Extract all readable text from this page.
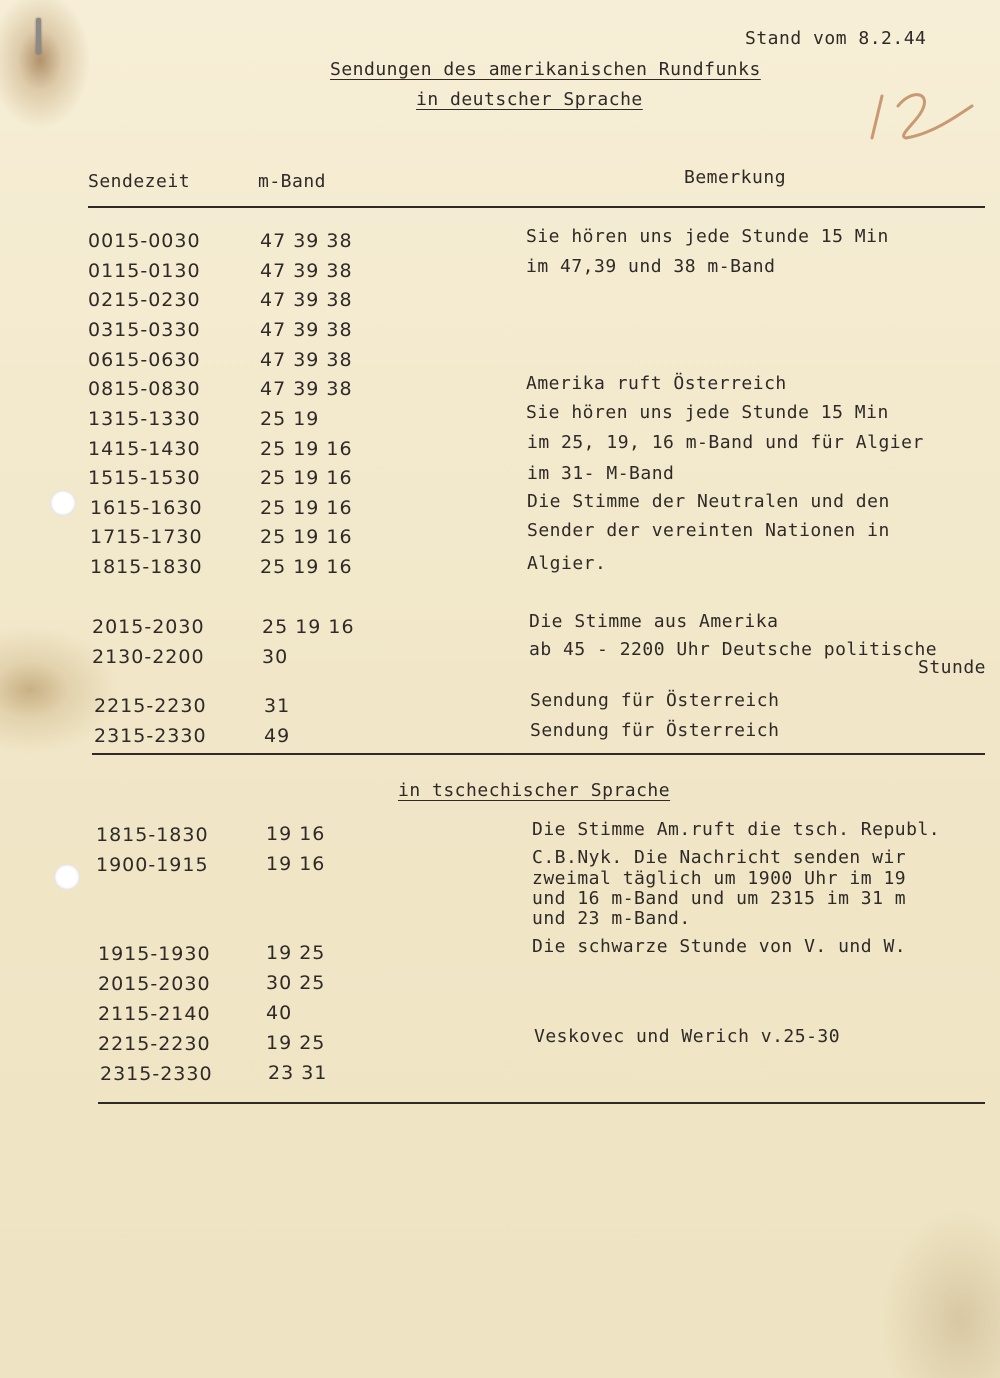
Stand vom 8.2.44
Sendungen des amerikanischen Rundfunks
in deutscher Sprache
12
Sendezeit	m-Band	Bemerkung
0015-0030
0115-0130
0215-0230
0315-0330
0615-0630
0815-0830
1315-1330
1415-1430
1515-1530
1615-1630
1715-1730
1815-1830
2015-2030
2130-2200
2215-2230
2315-2330
47 39 38
47 39 38
47 39 38
47 39 38
47 39 38
47 39 38
25 19
25 19 16
25 19 16
25 19 16
25 19 16
25 19 16
25 19 16
30
31
49
Sie hören uns jede Stunde 15 Min
im 47,39 und 38 m-Band
Amerika ruft Österreich
Sie hören uns jede Stunde 15 Min
im 25, 19, 16 m-Band und für Algier
im 31- M-Band
Die Stimme der Neutralen und den
Sender der vereinten Nationen in
Algier.
Die Stimme aus Amerika
ab 45 - 2200 Uhr Deutsche politische
Stunde
Sendung für Österreich
Sendung für Österreich
in tschechischer Sprache
1815-1830
1900-1915
1915-1930
2015-2030
2115-2140
2215-2230
2315-2330
19 16
19 16
19 25
30 25
40
19 25
23 31
Die Stimme Am.ruft die tsch. Republ.
C.B.Nyk. Die Nachricht senden wir
zweimal täglich um 1900 Uhr im 19
und 16 m-Band und um 2315 im 31 m
und 23 m-Band.
Die schwarze Stunde von V. und W.
Veskovec und Werich v.25-30
